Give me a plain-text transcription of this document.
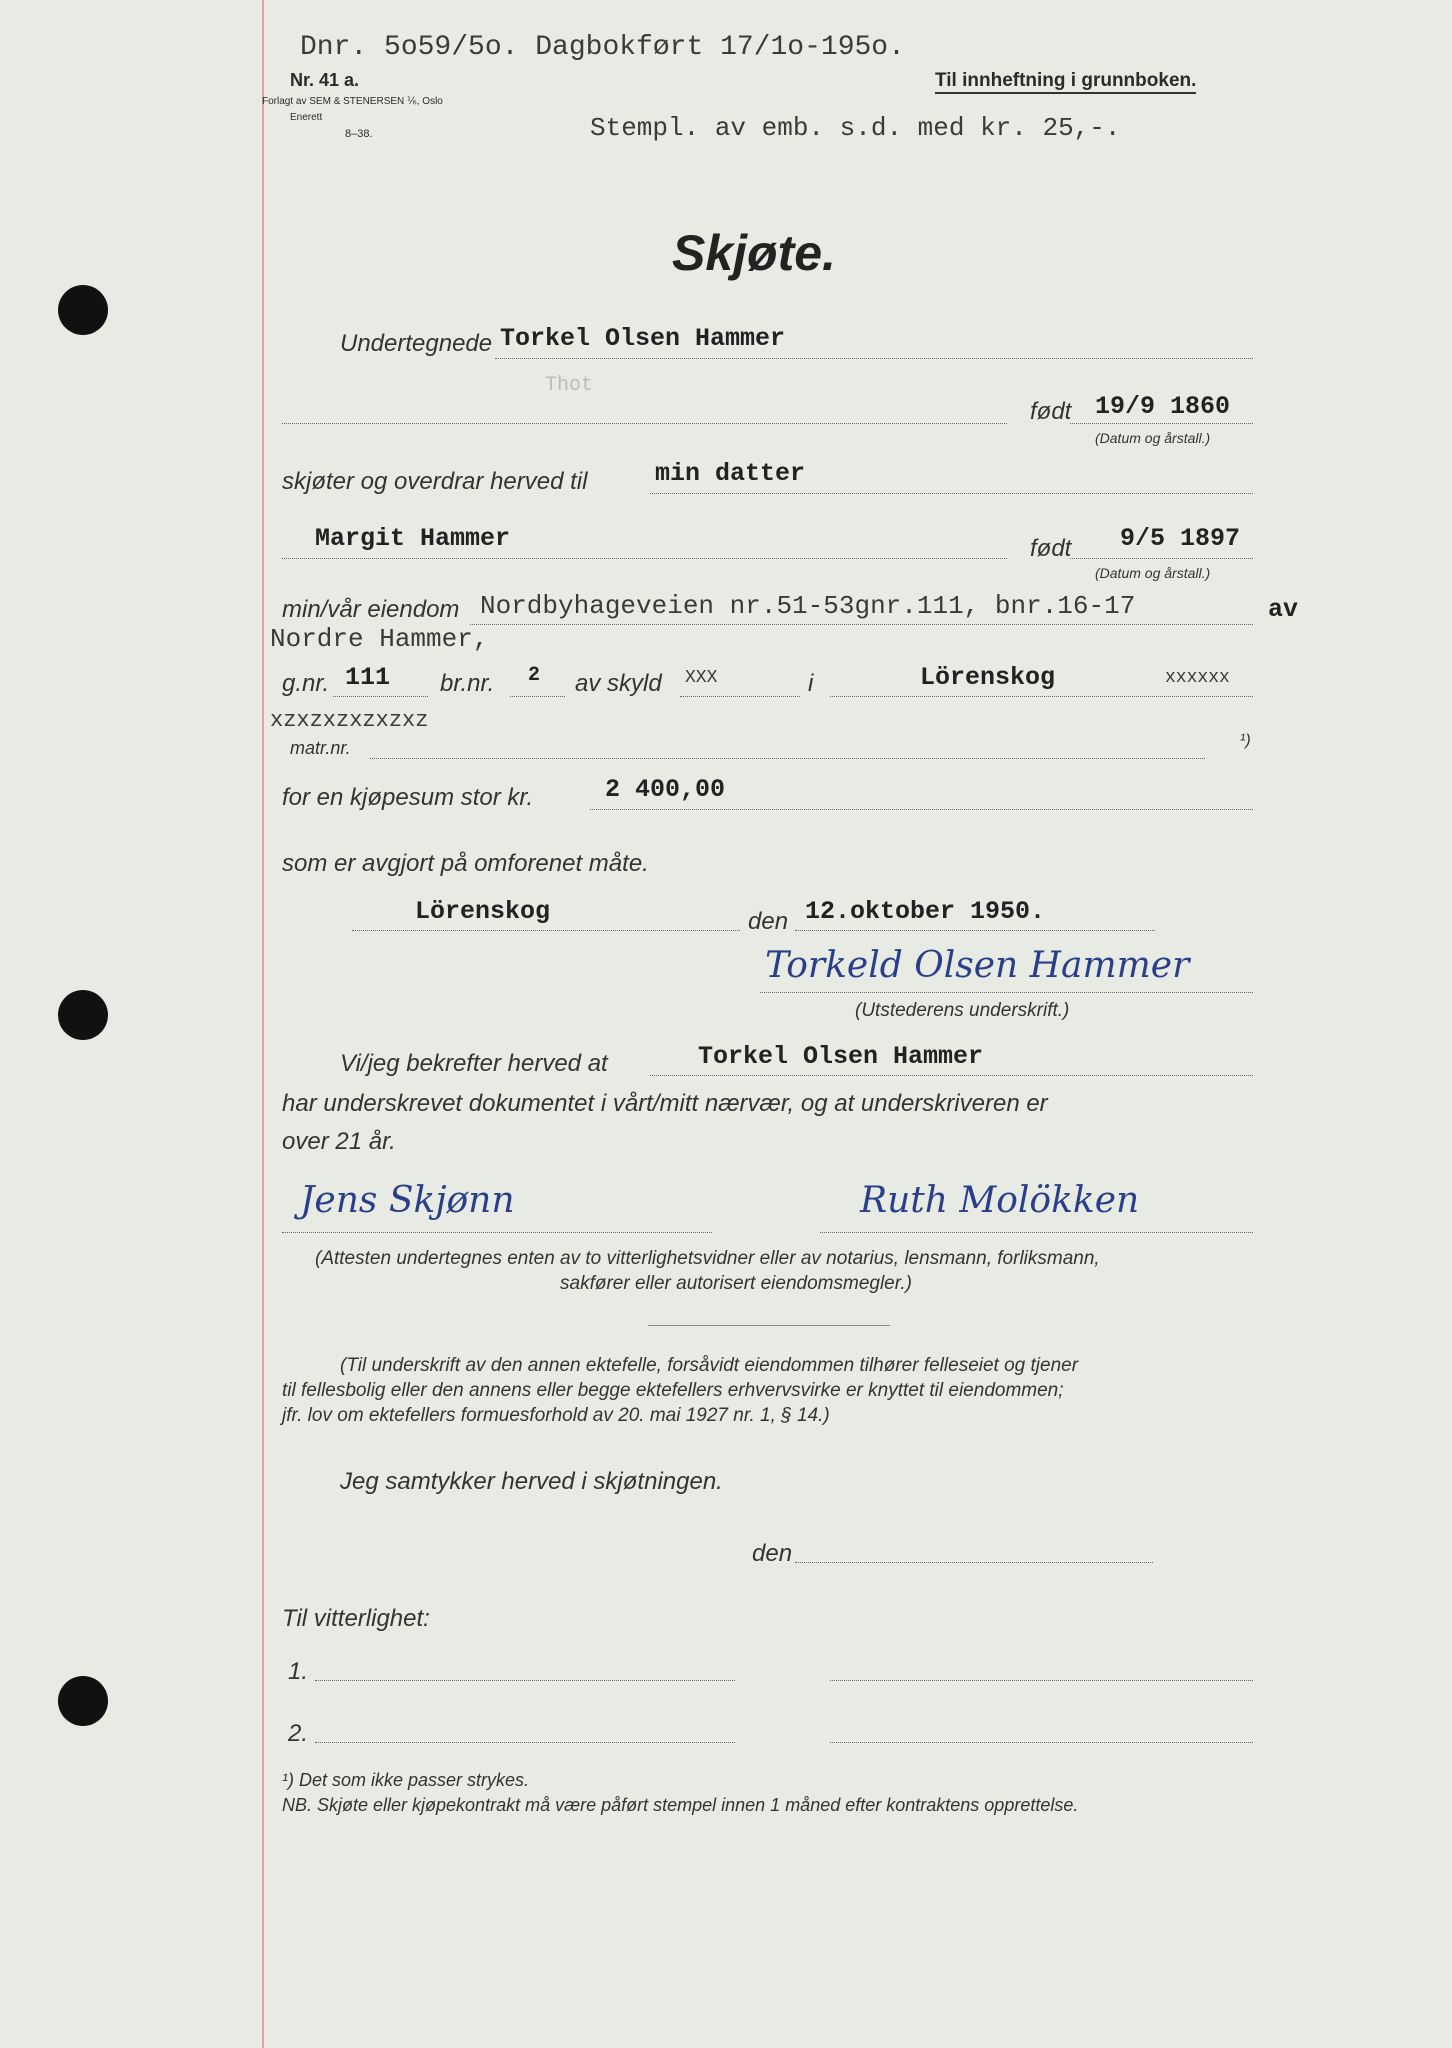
Dnr. 5o59/5o. Dagbokført 17/1o-195o.
Nr. 41 a.
Forlagt av SEM & STENERSEN ⅙, Oslo
Enerett
8–38.
Til innheftning i grunnboken.
Stempl. av emb. s.d. med kr. 25,-.
Skjøte.
Undertegnede Torkel Olsen Hammer
Thot
født 19/9 1860
(Datum og årstall.)
skjøter og overdrar herved til	min datter
Margit Hammer	født 9/5 1897
(Datum og årstall.)
min/vår eiendom Nordbyhageveien nr.51-53gnr.111, bnr.16-17	av
Nordre Hammer,
g.nr. 111 br.nr. 2 av skyld XXX	i	Lörenskog	xxxxxx
xzxzxzxzxzxz
matr.nr.	¹)
for en kjøpesum stor kr.	2 400,00
som er avgjort på omforenet måte.
Lörenskog	den 12.oktober 1950.
Torkeld Olsen Hammer
(Utstederens underskrift.)
Vi/jeg bekrefter herved at	Torkel Olsen Hammer
har underskrevet dokumentet i vårt/mitt nærvær, og at underskriveren er
over 21 år.
Jens Skjønn	Ruth Molökken
(Attesten undertegnes enten av to vitterlighetsvidner eller av notarius, lensmann, forliksmann,
sakfører eller autorisert eiendomsmegler.)
(Til underskrift av den annen ektefelle, forsåvidt eiendommen tilhører felleseiet og tjener
til fellesbolig eller den annens eller begge ektefellers erhvervsvirke er knyttet til eiendommen;
jfr. lov om ektefellers formuesforhold av 20. mai 1927 nr. 1, § 14.)
Jeg samtykker herved i skjøtningen.
den
Til vitterlighet:
1.
2.
¹) Det som ikke passer strykes.
NB. Skjøte eller kjøpekontrakt må være påført stempel innen 1 måned efter kontraktens opprettelse.
